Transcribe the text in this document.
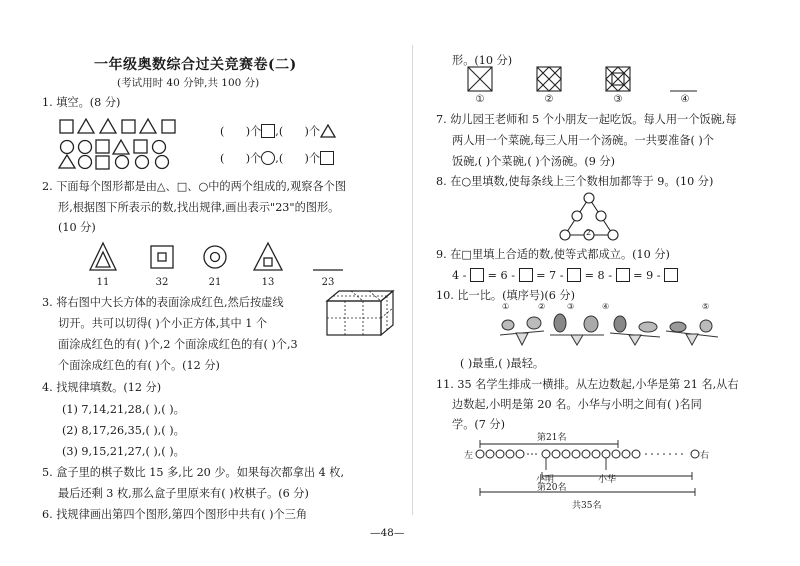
一年级奥数综合过关竞赛卷(二)
(考试用时 40 分钟,共 100 分)
1. 填空。(8 分)
(      )个 ,(      )个
(      )个 ,(      )个
2. 下面每个图形都是由△、□、○中的两个组成的,观察各个图
形,根据图下所表示的数,找出规律,画出表示"23"的图形。
(10 分)
11	32	21	13	23
3. 将右图中大长方体的表面涂成红色,然后按虚线
切开。共可以切得( )个小正方体,其中 1 个
面涂成红色的有( )个,2 个面涂成红色的有( )个,3
个面涂成红色的有( )个。(12 分)
4. 找规律填数。(12 分)
(1) 7,14,21,28,( ),( )。
(2) 8,17,26,35,( ),( )。
(3) 9,15,21,27,( ),( )。
5. 盒子里的棋子数比 15 多,比 20 少。如果每次都拿出 4 枚,
最后还剩 3 枚,那么盒子里原来有( )枚棋子。(6 分)
6. 找规律画出第四个图形,第四个图形中共有( )个三角
—48—
形。(10 分)
①	②	③	④
7. 幼儿园王老师和 5 个小朋友一起吃饭。每人用一个饭碗,每
两人用一个菜碗,每三人用一个汤碗。一共要准备( )个
饭碗,( )个菜碗,( )个汤碗。(9 分)
8. 在○里填数,使每条线上三个数相加都等于 9。(10 分)
2
9. 在□里填上合适的数,使等式都成立。(10 分)
4 - = 6 - = 7 - = 8 - = 9 -
10. 比一比。(填序号)(6 分)
①	②	③	④	⑤
( )最重,( )最轻。
11. 35 名学生排成一横排。从左边数起,小华是第 21 名,从右
边数起,小明是第 20 名。小华与小明之间有( )名同
学。(7 分)
第21名
左	右
小明	小华
第20名
共35名
